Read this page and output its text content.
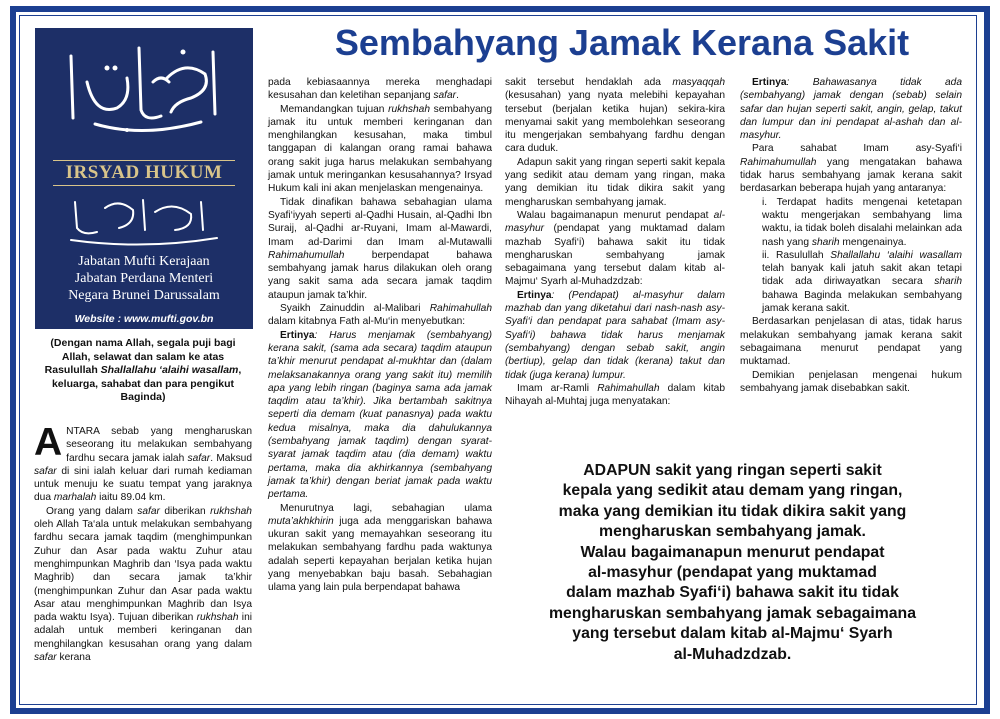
ارشاد حكوم
IRSYAD HUKUM
جابتن مفتي كراجأن
Jabatan Mufti Kerajaan
Jabatan Perdana Menteri
Negara Brunei Darussalam
Website : www.mufti.gov.bn
Sembahyang Jamak Kerana Sakit
(Dengan nama Allah, segala puji bagi Allah, selawat dan salam ke atas Rasulullah Shallallahu ‘alaihi wasallam, keluarga, sahabat dan para pengikut Baginda)

ANTARA sebab yang mengharuskan seseorang itu melakukan sembahyang fardhu secara jamak ialah safar. Maksud safar di sini ialah keluar dari rumah kediaman untuk menuju ke suatu tempat yang jaraknya dua marhalah iaitu 89.04 km.

Orang yang dalam safar diberikan rukhshah oleh Allah Ta‘ala untuk melakukan sembahyang fardhu secara jamak taqdim (menghimpunkan Zuhur dan Asar pada waktu Zuhur atau menghimpunkan Maghrib dan ‘Isya pada waktu Maghrib) dan secara jamak ta’khir (menghimpunkan Zuhur dan Asar pada waktu Asar atau menghimpunkan Maghrib dan Isya pada waktu Isya). Tujuan diberikan rukhshah ini adalah untuk memberi keringanan dan menghilangkan kesusahan orang yang dalam safar kerana

pada kebiasaannya mereka menghadapi kesusahan dan keletihan sepanjang safar.

Memandangkan tujuan rukhshah sembahyang jamak itu untuk memberi keringanan dan menghilangkan kesusahan, maka timbul tanggapan di kalangan orang ramai bahawa orang sakit juga harus melakukan sembahyang jamak untuk meringankan kesusahannya? Irsyad Hukum kali ini akan menjelaskan mengenainya.

Tidak dinafikan bahawa sebahagian ulama Syafi‘iyyah seperti al-Qadhi Husain, al-Qadhi Ibn Suraij, al-Qadhi ar-Ruyani, Imam al-Mawardi, Imam ad-Darimi dan Imam al-Mutawalli Rahimahumullah berpendapat bahawa sembahyang jamak harus dilakukan oleh orang yang sakit sama ada secara jamak taqdim ataupun jamak ta’khir.

Syaikh Zainuddin al-Malibari Rahimahullah dalam kitabnya Fath al-Mu‘in menyebutkan:

Ertinya: Harus menjamak (sembahyang) kerana sakit, (sama ada secara) taqdim ataupun ta’khir menurut pendapat al-mukhtar dan (dalam melaksanakannya orang yang sakit itu) memilih apa yang lebih ringan (baginya sama ada jamak taqdim atau ta’khir). Jika bertambah sakitnya seperti dia demam (kuat panasnya) pada waktu kedua misalnya, maka dia dahulukannya (sembahyang jamak taqdim) dengan syarat-syarat jamak taqdim atau (dia demam) waktu pertama, maka dia akhirkannya (sembahyang jamak ta’khir) dengan beriat jamak pada waktu pertama.

Menurutnya lagi, sebahagian ulama muta’akhkhirin juga ada menggariskan bahawa ukuran sakit yang memayahkan seseorang itu melakukan sembahyang fardhu pada waktunya adalah seperti kepayahan berjalan ketika hujan yang menyebabkan baju basah. Sebahagian ulama yang lain pula berpendapat bahawa

sakit tersebut hendaklah ada masyaqqah (kesusahan) yang nyata melebihi kepayahan tersebut (berjalan ketika hujan) sekira-kira menyamai sakit yang membolehkan seseorang itu mengerjakan sembahyang fardhu dengan cara duduk.

Adapun sakit yang ringan seperti sakit kepala yang sedikit atau demam yang ringan, maka yang demikian itu tidak dikira sakit yang mengharuskan sembahyang jamak.

Walau bagaimanapun menurut pendapat al-masyhur (pendapat yang muktamad dalam mazhab Syafi‘i) bahawa sakit itu tidak mengharuskan sembahyang jamak sebagaimana yang tersebut dalam kitab al-Majmu‘ Syarh al-Muhadzdzab:

Ertinya: (Pendapat) al-masyhur dalam mazhab dan yang diketahui dari nash-nash asy-Syafi‘i dan pendapat para sahabat (Imam asy-Syafi‘i) bahawa tidak harus menjamak (sembahyang) dengan sebab sakit, angin (bertiup), gelap dan tidak (kerana) takut dan tidak (juga kerana) lumpur.

Imam ar-Ramli Rahimahullah dalam kitab Nihayah al-Muhtaj juga menyatakan:

Ertinya: Bahawasanya tidak ada (sembahyang) jamak dengan (sebab) selain safar dan hujan seperti sakit, angin, gelap, takut dan lumpur dan ini pendapat al-ashah dan al-masyhur.

Para sahabat Imam asy-Syafi‘i Rahimahumullah yang mengatakan bahawa tidak harus sembahyang jamak kerana sakit berdasarkan beberapa hujah yang antaranya:

i. Terdapat hadits mengenai ketetapan waktu mengerjakan sembahyang lima waktu, ia tidak boleh disalahi melainkan ada nash yang sharih mengenainya.

ii. Rasulullah Shallallahu ‘alaihi wasallam telah banyak kali jatuh sakit akan tetapi tidak ada diriwayatkan secara sharih bahawa Baginda melakukan sembahyang jamak kerana sakit.

Berdasarkan penjelasan di atas, tidak harus melakukan sembahyang jamak kerana sakit sebagaimana menurut pendapat yang muktamad.

Demikian penjelasan mengenai hukum sembahyang jamak disebabkan sakit.

ADAPUN sakit yang ringan seperti sakit
kepala yang sedikit atau demam yang ringan,
maka yang demikian itu tidak dikira sakit yang
mengharuskan sembahyang jamak.
Walau bagaimanapun menurut pendapat
al-masyhur (pendapat yang muktamad
dalam mazhab Syafi‘i) bahawa sakit itu tidak
mengharuskan sembahyang jamak sebagaimana
yang tersebut dalam kitab al-Majmu‘ Syarh
al-Muhadzdzab.
